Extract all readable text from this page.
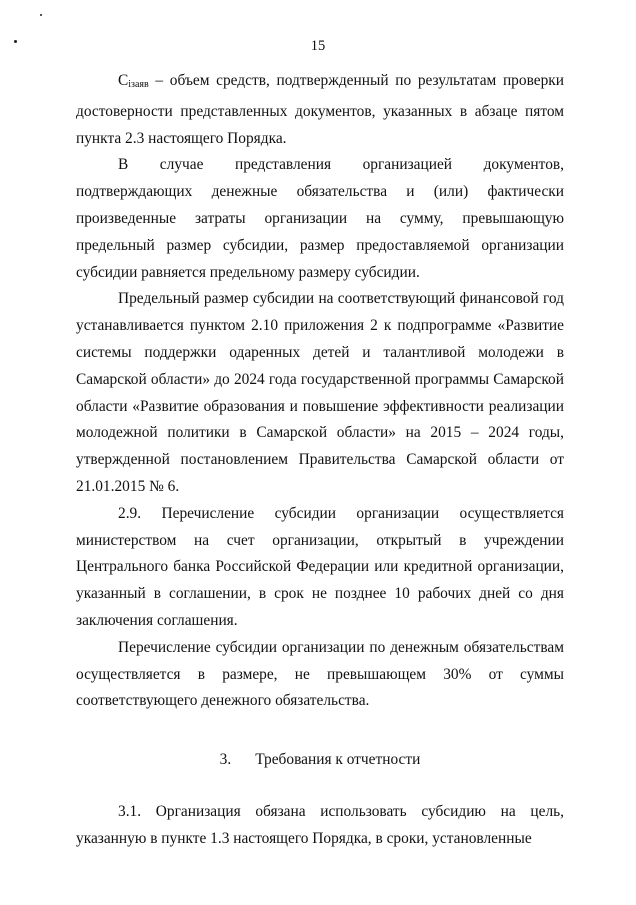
15

$С_{iзаяв}$ – объем средств, подтвержденный по результатам проверки достоверности представленных документов, указанных в абзаце пятом пункта 2.3 настоящего Порядка.

В случае представления организацией документов, подтверждающих денежные обязательства и (или) фактически произведенные затраты организации на сумму, превышающую предельный размер субсидии, размер предоставляемой организации субсидии равняется предельному размеру субсидии.

Предельный размер субсидии на соответствующий финансовой год устанавливается пунктом 2.10 приложения 2 к подпрограмме «Развитие системы поддержки одаренных детей и талантливой молодежи в Самарской области» до 2024 года государственной программы Самарской области «Развитие образования и повышение эффективности реализации молодежной политики в Самарской области» на 2015 – 2024 годы, утвержденной постановлением Правительства Самарской области от 21.01.2015 № 6.

2.9. Перечисление субсидии организации осуществляется министерством на счет организации, открытый в учреждении Центрального банка Российской Федерации или кредитной организации, указанный в соглашении, в срок не позднее 10 рабочих дней со дня заключения соглашения.

Перечисление субсидии организации по денежным обязательствам осуществляется в размере, не превышающем 30% от суммы соответствующего денежного обязательства.

3. Требования к отчетности

3.1. Организация обязана использовать субсидию на цель, указанную в пункте 1.3 настоящего Порядка, в сроки, установленные
